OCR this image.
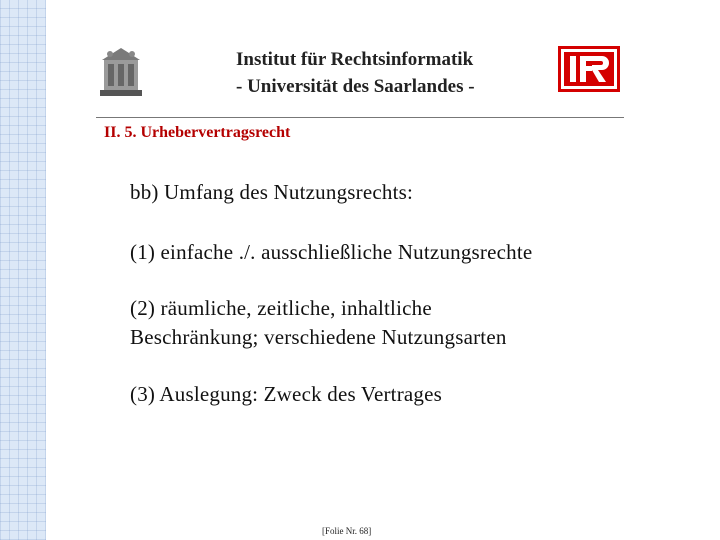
Institut für Rechtsinformatik
- Universität des Saarlandes -
II. 5. Urhebervertragsrecht

bb) Umfang des Nutzungsrechts:

(1) einfache ./. ausschließliche Nutzungsrechte

(2) räumliche, zeitliche, inhaltliche

Beschränkung; verschiedene Nutzungsarten

(3) Auslegung: Zweck des Vertrages

[Folie Nr. 68]
